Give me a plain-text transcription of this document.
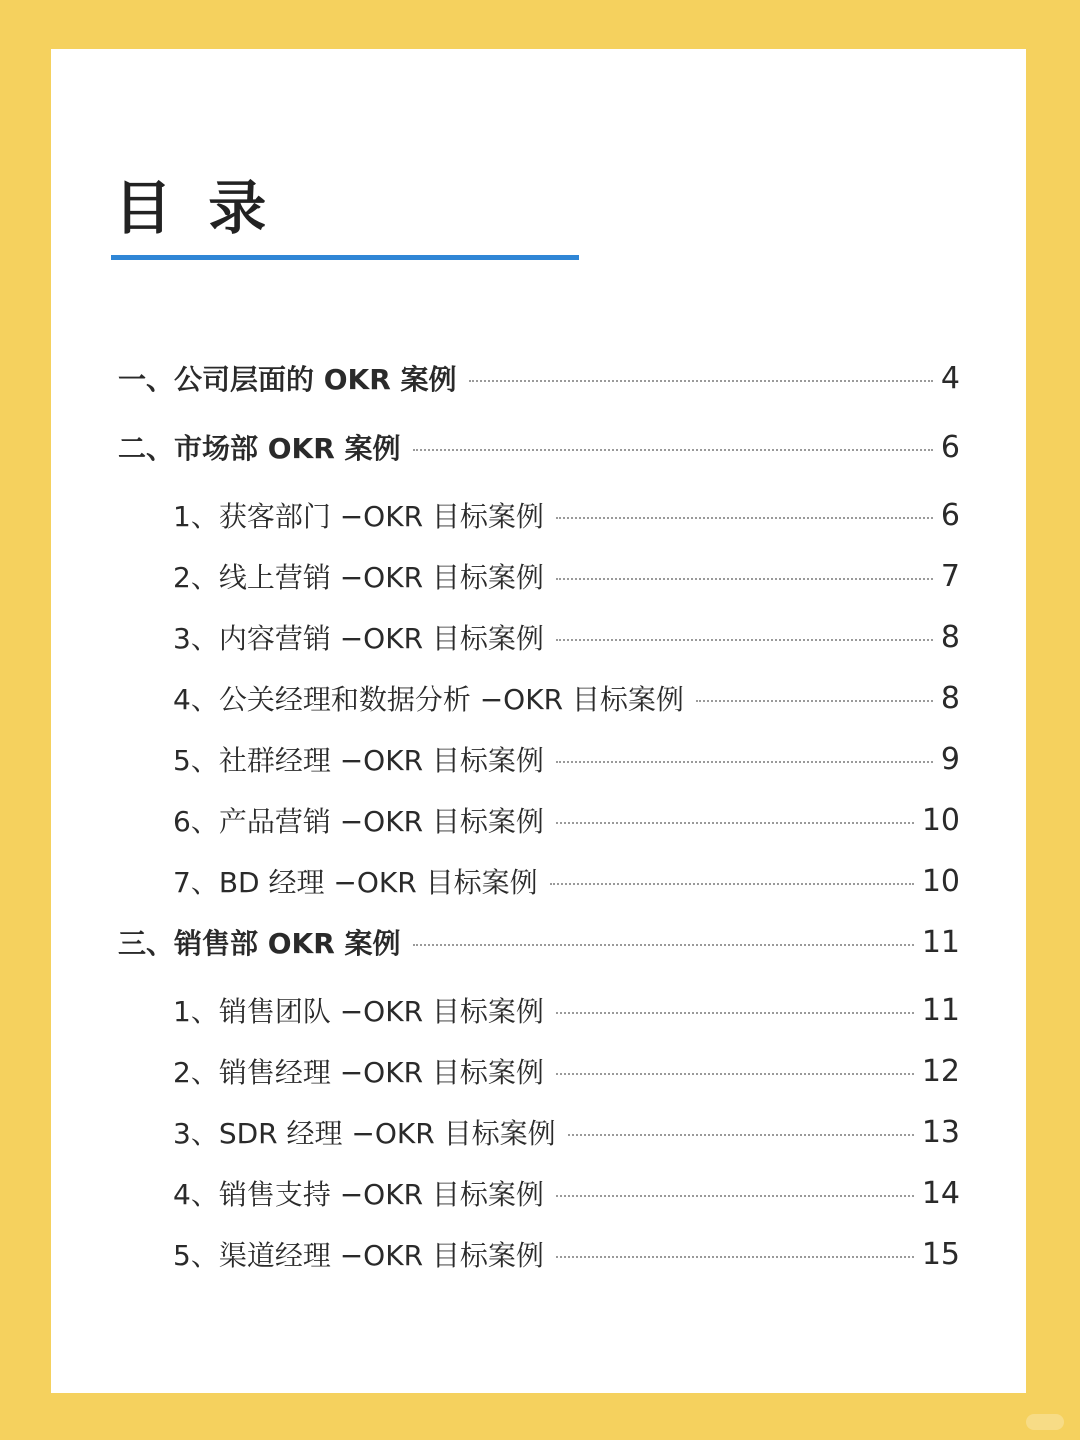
目 录
一、公司层面的 OKR 案例	4
二、市场部 OKR 案例	6
1、获客部门 −OKR 目标案例	6
2、线上营销 −OKR 目标案例	7
3、内容营销 −OKR 目标案例	8
4、公关经理和数据分析 −OKR 目标案例	8
5、社群经理 −OKR 目标案例	9
6、产品营销 −OKR 目标案例	10
7、BD 经理 −OKR 目标案例	10
三、销售部 OKR 案例	11
1、销售团队 −OKR 目标案例	11
2、销售经理 −OKR 目标案例	12
3、SDR 经理 −OKR 目标案例	13
4、销售支持 −OKR 目标案例	14
5、渠道经理 −OKR 目标案例	15
